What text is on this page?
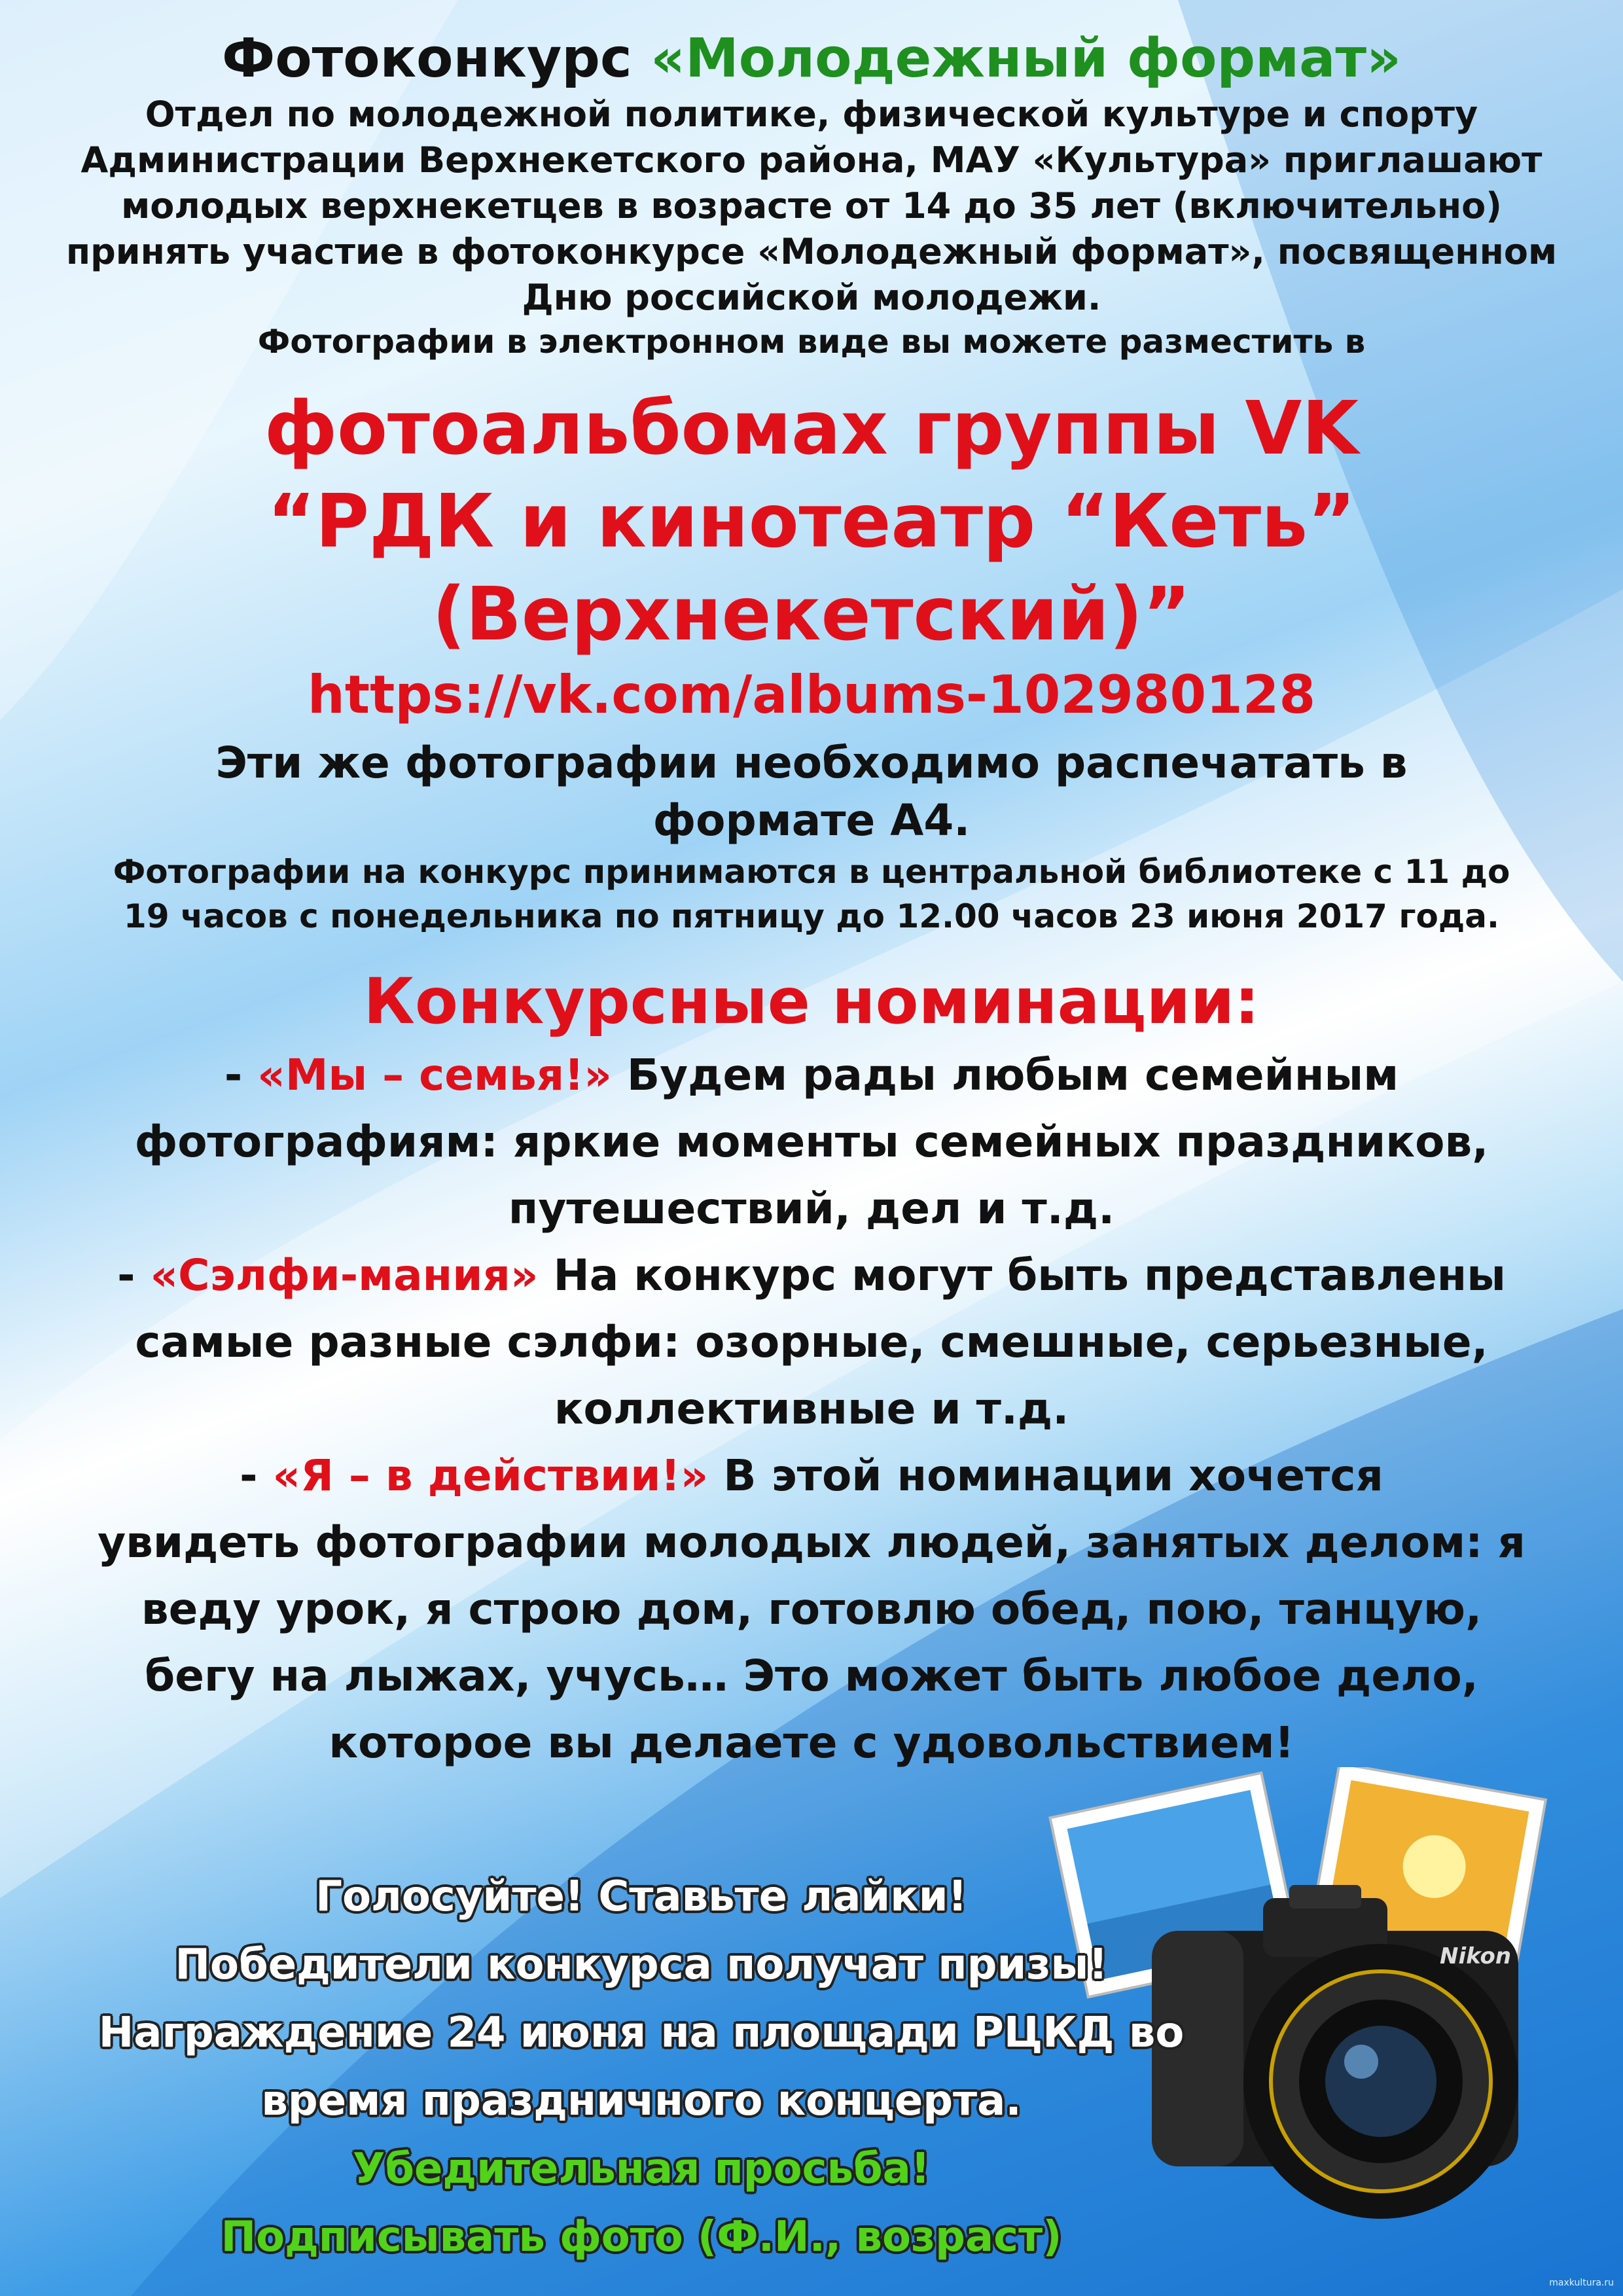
Фотоконкурс «Молодежный формат»
Отдел по молодежной политике, физической культуре и спорту
Администрации Верхнекетского района, МАУ «Культура» приглашают
молодых верхнекетцев в возрасте от 14 до 35 лет (включительно)
принять участие в фотоконкурсе «Молодежный формат», посвященном
Дню российской молодежи.
Фотографии в электронном виде вы можете разместить в
фотоальбомах группы VK
“РДК и кинотеатр “Кеть”
(Верхнекетский)”
https://vk.com/albums-102980128
Эти же фотографии необходимо распечатать в
формате А4.
Фотографии на конкурс принимаются в центральной библиотеке с 11 до
19 часов с понедельника по пятницу до 12.00 часов 23 июня 2017 года.
Конкурсные номинации:
- «Мы – семья!» Будем рады любым семейным
фотографиям: яркие моменты семейных праздников,
путешествий, дел и т.д.
- «Сэлфи-мания» На конкурс могут быть представлены
самые разные сэлфи: озорные, смешные, серьезные,
коллективные и т.д.
- «Я – в действии!» В этой номинации хочется
увидеть фотографии молодых людей, занятых делом: я
веду урок, я строю дом, готовлю обед, пою, танцую,
бегу на лыжах, учусь… Это может быть любое дело,
которое вы делаете с удовольствием!
Nikon
Голосуйте! Ставьте лайки!
Победители конкурса получат призы!
Награждение 24 июня на площади РЦКД во
время праздничного концерта.
Убедительная просьба!
Подписывать фото (Ф.И., возраст)
maxkultura.ru
